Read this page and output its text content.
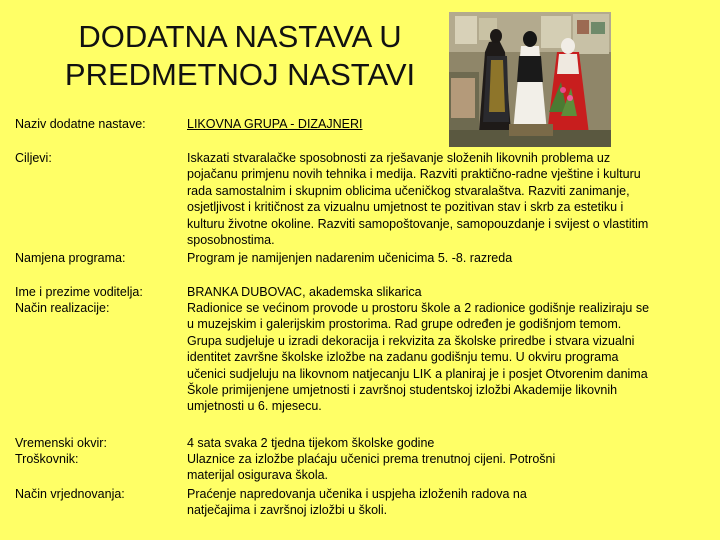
DODATNA NASTAVA U
PREDMETNOJ NASTAVI
Naziv dodatne nastave:	LIKOVNA GRUPA - DIZAJNERI
Ciljevi:	Iskazati stvaralačke sposobnosti za rješavanje složenih likovnih problema uz
pojačanu primjenu novih tehnika i medija. Razviti praktično-radne vještine i kulturu
rada samostalnim i skupnim oblicima učeničkog stvaralaštva. Razviti zanimanje,
osjetljivost i kritičnost za vizualnu umjetnost te pozitivan stav i skrb za estetiku i
kulturu životne okoline. Razviti samopoštovanje, samopouzdanje i svijest o vlastitim
sposobnostima.
Namjena programa:	Program je namijenjen nadarenim učenicima 5. -8. razreda
Ime i prezime voditelja:	BRANKA DUBOVAC, akademska slikarica
Način realizacije:	Radionice se većinom provode u prostoru škole a 2 radionice godišnje realiziraju se
u muzejskim i galerijskim prostorima. Rad grupe određen je godišnjom temom.
Grupa sudjeluje u izradi dekoracija i rekvizita za školske priredbe i stvara vizualni
identitet završne školske izložbe na zadanu godišnju temu. U okviru programa
učenici sudjeluju na likovnom natjecanju LIK a planiraj je i posjet Otvorenim danima
Škole primijenjene umjetnosti i završnoj studentskoj izložbi Akademije likovnih
umjetnosti u 6. mjesecu.
Vremenski okvir:	4 sata svaka 2 tjedna tijekom školske godine
Troškovnik:	Ulaznice za izložbe plaćaju učenici prema trenutnoj cijeni. Potrošni
materijal osigurava škola.
Način vrjednovanja:	Praćenje napredovanja učenika i uspjeha izloženih radova na
natječajima i završnoj izložbi u školi.
